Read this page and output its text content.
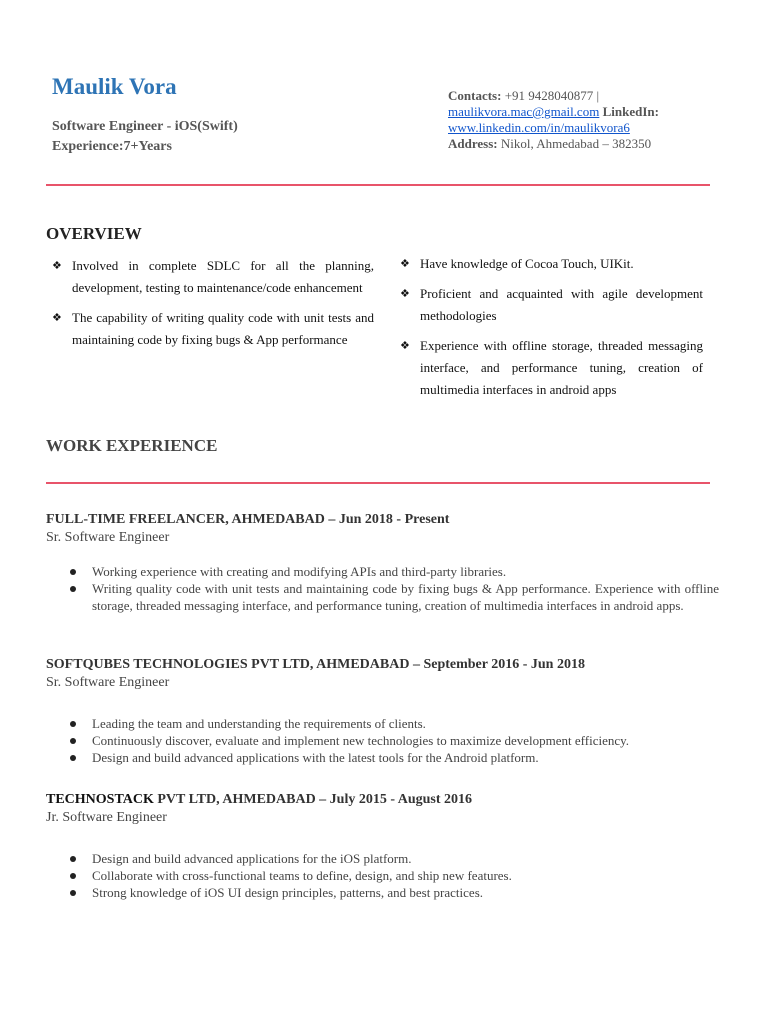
Maulik Vora
Software Engineer - iOS(Swift)
Experience:7+Years
Contacts: +91 9428040877 |
maulikvora.mac@gmail.com LinkedIn:
www.linkedin.com/in/maulikvora6
Address: Nikol, Ahmedabad – 382350
OVERVIEW
❖ Involved in complete SDLC for all the planning, development, testing to maintenance/code enhancement
❖ The capability of writing quality code with unit tests and maintaining code by fixing bugs & App performance
❖ Have knowledge of Cocoa Touch, UIKit.
❖ Proficient and acquainted with agile development methodologies
❖ Experience with offline storage, threaded messaging interface, and performance tuning, creation of multimedia interfaces in android apps
WORK EXPERIENCE
FULL-TIME FREELANCER, AHMEDABAD – Jun 2018 - Present
Sr. Software Engineer
Working experience with creating and modifying APIs and third-party libraries.
Writing quality code with unit tests and maintaining code by fixing bugs & App performance. Experience with offline storage, threaded messaging interface, and performance tuning, creation of multimedia interfaces in android apps.
SOFTQUBES TECHNOLOGIES PVT LTD, AHMEDABAD – September 2016 - Jun 2018
Sr. Software Engineer
Leading the team and understanding the requirements of clients.
Continuously discover, evaluate and implement new technologies to maximize development efficiency.
Design and build advanced applications with the latest tools for the Android platform.
TECHNOSTACK PVT LTD, AHMEDABAD – July 2015 - August 2016
Jr. Software Engineer
Design and build advanced applications for the iOS platform.
Collaborate with cross-functional teams to define, design, and ship new features.
Strong knowledge of iOS UI design principles, patterns, and best practices.
